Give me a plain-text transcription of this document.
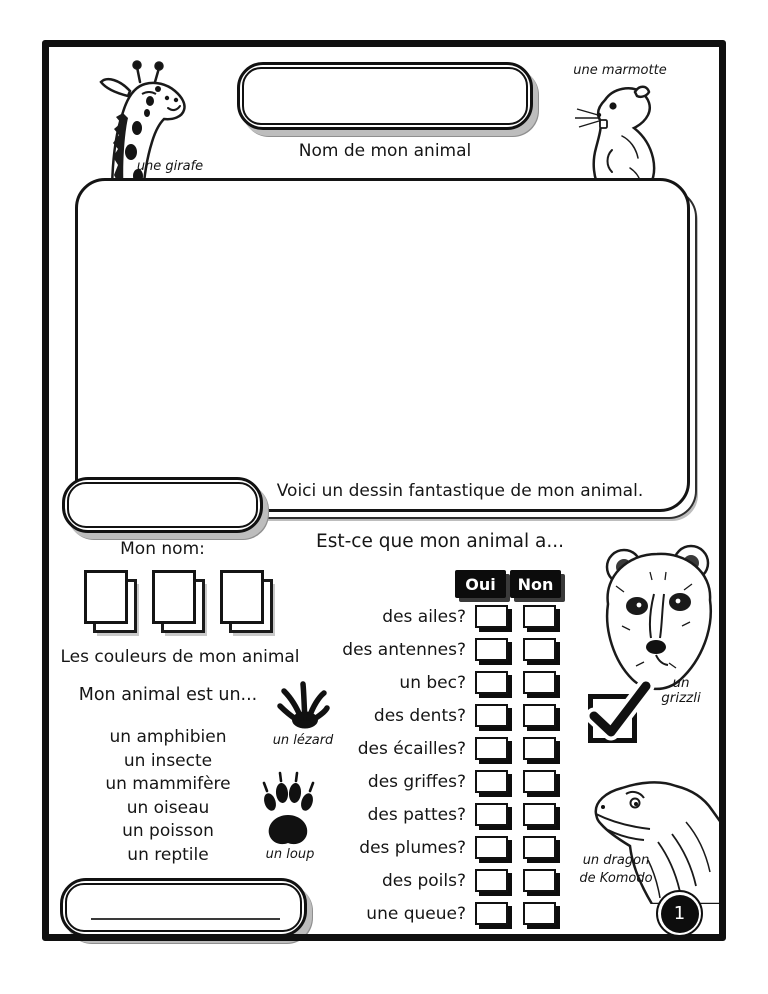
Voici un dessin fantastique de mon animal.
Nom de mon animal
une girafe
une marmotte
Mon nom:
Les couleurs de mon animal
Mon animal est un...
un amphibien
un insecte
un mammifère
un oiseau
un poisson
un reptile
un lézard
un loup
Est-ce que mon animal a...
Oui	Non
des ailes?
des antennes?
un bec?
des dents?
des écailles?
des griffes?
des pattes?
des plumes?
des poils?
une queue?
un
grizzli
un dragon
de Komodo
1
